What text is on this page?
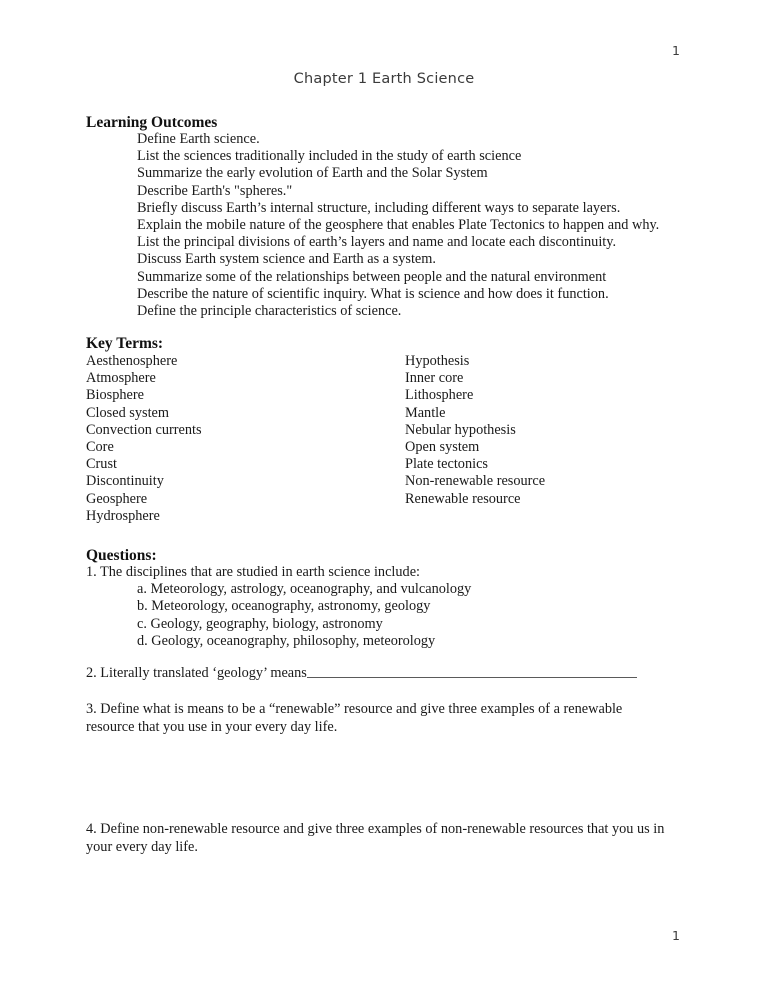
1
Chapter 1 Earth Science
Learning Outcomes
Define Earth science.
List the sciences traditionally included in the study of earth science
Summarize the early evolution of Earth and the Solar System
Describe Earth's "spheres."
Briefly discuss Earth’s internal structure, including different ways to separate layers.
Explain the mobile nature of the geosphere that enables Plate Tectonics to happen and why.
List the principal divisions of earth’s layers and name and locate each discontinuity.
Discuss Earth system science and Earth as a system.
Summarize some of the relationships between people and the natural environment
Describe the nature of scientific inquiry. What is science and how does it function.
Define the principle characteristics of science.
Key Terms:
Aesthenosphere
Atmosphere
Biosphere
Closed system
Convection currents
Core
Crust
Discontinuity
Geosphere
Hydrosphere
Hypothesis
Inner core
Lithosphere
Mantle
Nebular hypothesis
Open system
Plate tectonics
Non-renewable resource
Renewable resource
Questions:
1. The disciplines that are studied in earth science include:
a. Meteorology, astrology, oceanography, and vulcanology
b. Meteorology, oceanography, astronomy, geology
c. Geology, geography, biology, astronomy
d. Geology, oceanography, philosophy, meteorology
2. Literally translated ‘geology’ means
3. Define what is means to be a “renewable” resource and give three examples of a renewable resource that you use in your every day life.
4. Define non-renewable resource and give three examples of non-renewable resources that you us in your every day life.
1
